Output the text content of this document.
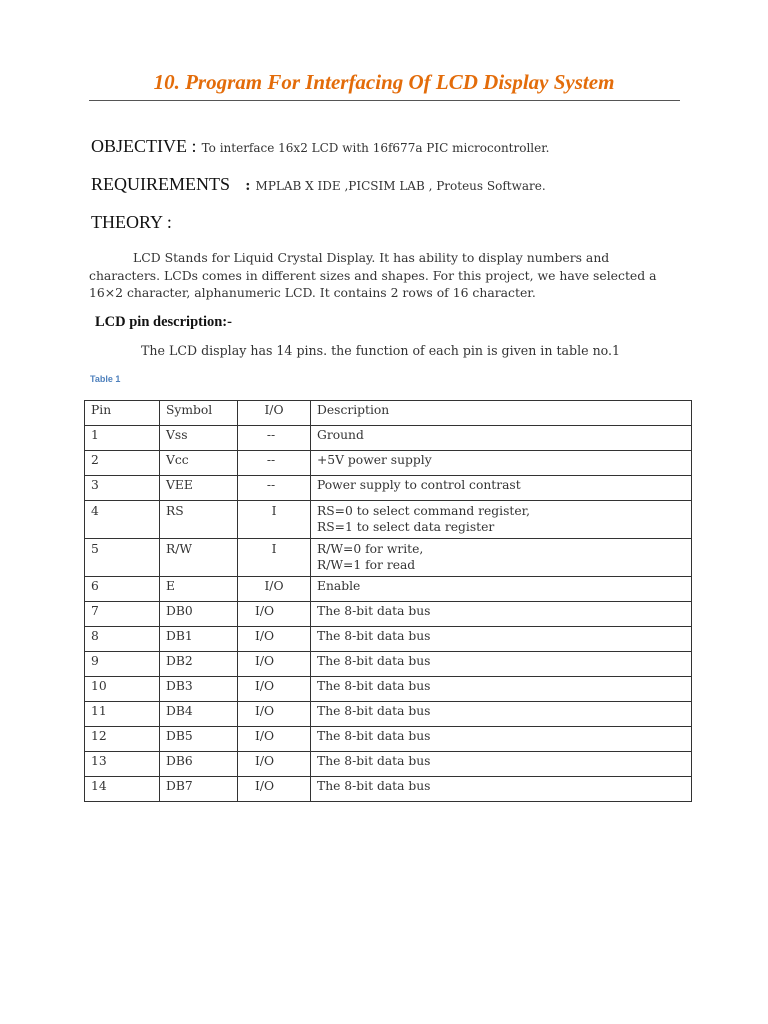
10. Program For Interfacing Of LCD Display System

OBJECTIVE : To interface 16x2 LCD with 16f677a PIC microcontroller.

REQUIREMENTS : MPLAB X IDE ,PICSIM LAB , Proteus Software.

THEORY :

LCD Stands for Liquid Crystal Display. It has ability to display numbers and characters. LCDs comes in different sizes and shapes. For this project, we have selected a 16×2 character, alphanumeric LCD. It contains 2 rows of 16 character.

LCD pin description:-

The LCD display has 14 pins. the function of each pin is given in table no.1

Table 1

Pin	Symbol	I/O	Description
1	Vss	--	Ground

2	Vcc	--	+5V power supply

3	VEE	--	Power supply to control contrast

4	RS	I	RS=0 to select command register,
RS=1 to select data register

5	R/W	I	R/W=0 for write,
R/W=1 for read

6	E	I/O	Enable

7	DB0	I/O	The 8-bit data bus

8	DB1	I/O	The 8-bit data bus

9	DB2	I/O	The 8-bit data bus

10	DB3	I/O	The 8-bit data bus

11	DB4	I/O	The 8-bit data bus

12	DB5	I/O	The 8-bit data bus

13	DB6	I/O	The 8-bit data bus

14	DB7	I/O	The 8-bit data bus
